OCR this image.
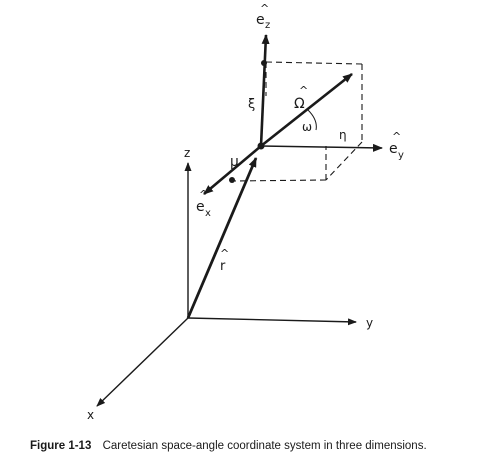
^
e z
^
e y
^
e x
^
Ω
ξ
η
μ
ω
^
r
z
y
x
Figure 1-13 Caretesian space-angle coordinate system in three dimensions.
